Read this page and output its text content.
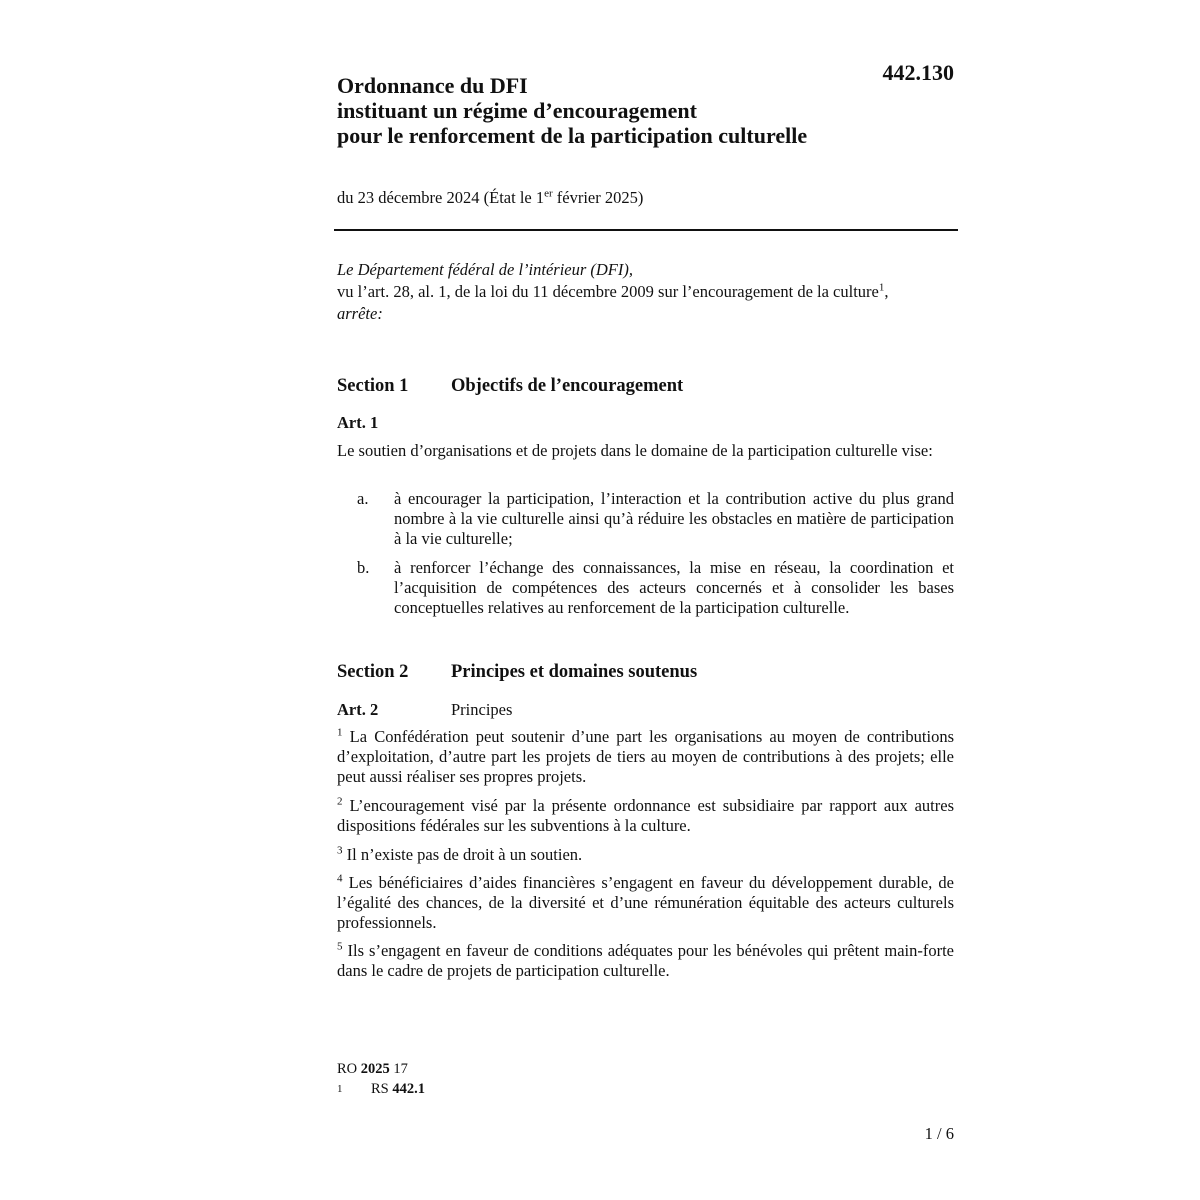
442.130
Ordonnance du DFI
instituant un régime d’encouragement
pour le renforcement de la participation culturelle
du 23 décembre 2024 (État le 1er février 2025)
Le Département fédéral de l’intérieur (DFI),
vu l’art. 28, al. 1, de la loi du 11 décembre 2009 sur l’encouragement de la culture$^1$,
arrête:
Section 1 Objectifs de l’encouragement
Art. 1

Le soutien d’organisations et de projets dans le domaine de la participation culturelle vise:

a. à encourager la participation, l’interaction et la contribution active du plus grand nombre à la vie culturelle ainsi qu’à réduire les obstacles en matière de participation à la vie culturelle;
b. à renforcer l’échange des connaissances, la mise en réseau, la coordination et l’acquisition de compétences des acteurs concernés et à consolider les bases conceptuelles relatives au renforcement de la participation culturelle.
Section 2 Principes et domaines soutenus
Art. 2	Principes

$^1$ La Confédération peut soutenir d’une part les organisations au moyen de contributions d’exploitation, d’autre part les projets de tiers au moyen de contributions à des projets; elle peut aussi réaliser ses propres projets.

$^2$ L’encouragement visé par la présente ordonnance est subsidiaire par rapport aux autres dispositions fédérales sur les subventions à la culture.

$^3$ Il n’existe pas de droit à un soutien.

$^4$ Les bénéficiaires d’aides financières s’engagent en faveur du développement durable, de l’égalité des chances, de la diversité et d’une rémunération équitable des acteurs culturels professionnels.

$^5$ Ils s’engagent en faveur de conditions adéquates pour les bénévoles qui prêtent main-forte dans le cadre de projets de participation culturelle.

RO 2025 17
1 RS 442.1
1 / 6
